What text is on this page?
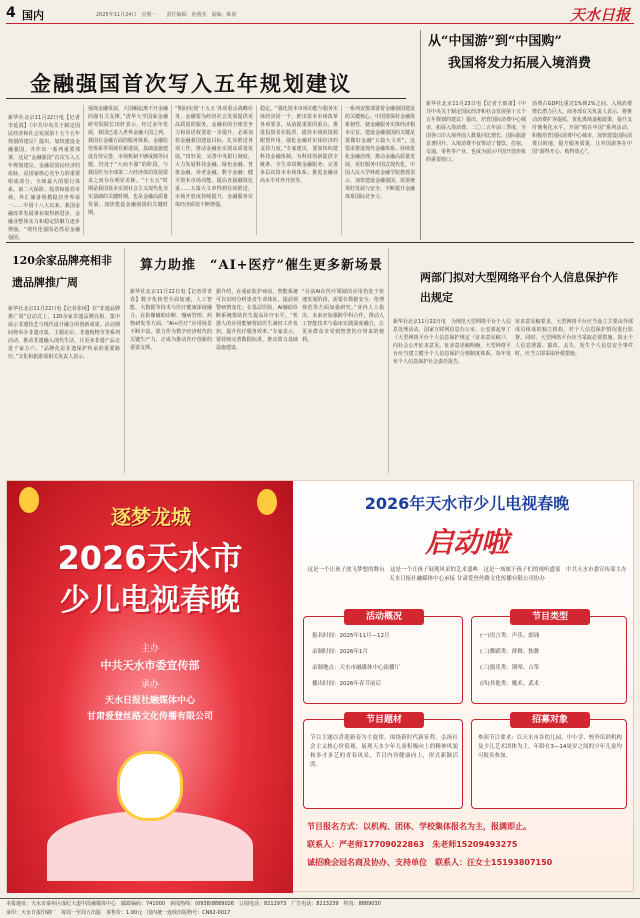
4 国内	2025年11月24日　星期一　　责任编辑：孙燕杰　版编：陈娟	天水日报
金融强国首次写入五年规划建议
新华社北京11月22日电【记者李延霞】《中共中央关于制定国民经济和社会发展第十五个五年规划的建议》提出，加快建设金融强国。并作出一系列重要部署。这是“金融强国”首次写入五年规划建议。金融是国民经济的血脉，是国家核心竞争力的重要组成部分。全球最大的银行体系，第二大保险、股票和债券市场，外汇储备规模稳居世界第一……中国十八大以来，我国金融改革发展事业取得新进步，金融业整体实力和稳定防御力逐步增强。“现代化强国必然是金融强国。
强现金融发展，大国崛起离不开金融的强有力支撑。”清华大学国家金融研究院院长田轩表示，经过多年发展，我国已进入世界金融大国之列，我国在金融方面的服务体系、金融监管体系等领域有新进展。基础设施建设有待完善，市场机制不够成熟等问题。仍处于“大而不强”的阶段，与我国作为全球第二大经济体的发展要求之间存在明显差距。“十五五”时期是我国基本实现社会主义现代化夯实基础的关键时期，也是金融高质量发展、加快建设金融强国的关键时期。
“期间实现‘十五五’各项重点战略任务，金融要为经济社会发展提供更高质量的服务。金融业的全球竞争力和话语权要进一步提升，必须加快金融强国建设目标，扎实推进各项工作，推动金融业实现高质量发展。”田轩说。完善中央银行制度，大力发展科技金融、绿色金融、普惠金融、养老金融、数字金融；健全资本市场功能，提高直接融资比重……五篇大文章得到有效推进，市场开放度持续提升，金融服务实体经济质效不断增强。
稳定。“强化资本市场功能与服务实体经济同一个，推出资本市场改革各项要求，从前提重要的重点，推进投资者在股票、债券市场的资源配置作用，强化金融对实体经济的支持力度。”专家建议，要加快构建科技金融体制，为科技创新提供全链条、全生命周期金融服务；完善多层次资本市场体系；推进金融业高水平对外开放等。
一系列安排部署着金融强国建设的关键核心。中国要保持金融体系韧性，使金融服务实体经济根本宗旨。建设金融强国的关键是要做好金融“五篇大文章”，这要求推进现代金融体系、持续优化金融治理，推动金融高质量发展，更好服务中国式现代化。中国人民大学财政金融学院教授表示，加快建设金融强国，需要统筹好发展与安全，不断提升金融体系国际竞争力。
从“中国游”到“中国购”
我国将发力拓展入境消费
新华社北京11月23日电【记者王雨萧】《中共中央关于制定国民经济和社会发展第十五个五年规划的建议》提出，培育国际消费中心城市，拓展入境消费。二〇二五年前三季度，全国各口岸入境外国人数量同比增长，国际旅游显著回升。入境消费不仅带动了餐饮、住宿、交通、零售等产业，也成为展示中国开放形象的重要窗口。
消费占GDP比重达1%到2%之间，入境消费增长潜力巨大。商务部有关负责人表示，将推动消费扩容提质，优化离境退税政策，提升支付便利化水平，开展“购在中国”系列活动。积极培育国际消费中心城市，加快建设国际消费目的地，提升服务质量，让外国游客在中国“游得开心、购得放心”。
120余家品牌亮相非遗品牌推广周
新华社北京11月22日电【记者张纯】在“非遗品牌推广周”启动式上，120余家非遗品牌亮相，集中展示非遗技艺与现代设计融合的创新成果。活动期间将举办非遗市集、主题论坛、非遗购物节等系列活动，推动非遗融入现代生活，让更多非遗产品走进千家万户。“品牌化是非遗保护传承的重要路径。”文化和旅游部相关负责人表示。
算力助推　“AI+医疗”催生更多新场景
新华社北京11月22日电【记者常青春】数字化转型全面加速，人工智能、大数据等技术与医疗健康深度融合。在影像辅助诊断、慢病管理、药物研发等方面，“AI+医疗”应用场景不断丰富。算力作为数字经济时代的关键生产力，正成为推动医疗创新的重要支撑。
据介绍，在重症监护病房，智能系统可以实时分析患者生命体征，提前预警病情变化；在基层医院，AI辅助诊断系统帮助医生提高诊疗水平。“机器人的应用能够帮助医生减轻工作负担，提升医疗服务效率。”专家表示，要持续完善数据标准，推动算力基础设施建设。
“目前AI在医疗领域的应用仍处于快速发展阶段，需要在数据安全、伦理规范等方面加强研究。”业内人士指出，未来应加强跨学科合作，推动人工智能技术与临床实践深度融合，让更多群众享受到智慧医疗带来的便利。
两部门拟对大型网络平台个人信息保护作出规定
新华社北京11月22日电　为规范大型网络平台个人信息处理活动，国家互联网信息办公室、公安部起草了《大型网络平台个人信息保护规定（征求意见稿）》，向社会公开征求意见。征求意见稿明确，大型网络平台应当建立健全个人信息保护合规制度体系，每年发布个人信息保护社会责任报告。
征求意见稿要求，大型网络平台应当设立主要由外部成员组成的独立机构，对个人信息保护情况进行监督。同时，大型网络平台应当采取必要措施，防止个人信息泄露、篡改、丢失，发生个人信息安全事件时，应当立即采取补救措施。
逐梦龙城
2026天水市
少儿电视春晚
主办
中共天水市委宣传部
承办
天水日报社融媒体中心
甘肃爱登丝路文化传播有限公司
2026年天水市少儿电视春晚
启动啦
这是一个让孩子放飞梦想的舞台　这是一个让孩子展现风采的艺术盛典　这是一场属于孩子们的视听盛宴　中共天水市委宣传部主办 天水日报社融媒体中心承接 甘肃爱登丝路文化传播有限公司协办
活动概况
报名时间：2025年11月—12月
录制时间：2026年1月
录制地点：天水市融媒体中心演播厅
播出时间：2026年春节前后
节目类型
(一)语言类：声乐、朗诵
(二)舞蹈类：群舞、独舞
(三)器乐类：钢琴、古筝
(四)其他类：魔术、武术
节目题材
节目主题以喜迎新春为主旋律，围绕新时代新征程，弘扬社会主义核心价值观，展现天水少年儿童积极向上的精神风貌和多才多艺的青春风采，节目内容健康向上，形式新颖活泼。
招募对象
参演节目要求：以天水市各幼儿园、中小学、校外培训机构及少儿艺术团体为主，年龄在3—14周岁之间的少年儿童均可报名参加。
节目报名方式：以机构、团体、学校集体报名为主，报满即止。
联系人：严老师17709022863　朱老师15209493275
诚招晚会冠名商及协办、支持单位　联系人：汪女士15193807150
本报地址：天水市秦州区成纪大道中段融媒体中心　邮政编码：741000　新闻热线：(0938)8889026　订阅电话：8212973　广告电话：8213239　传真：8889030
承印：天水日报印刷厂　每周一至周五出版　零售价：1.00元　国内统一连续出版物号：CN62-0017
